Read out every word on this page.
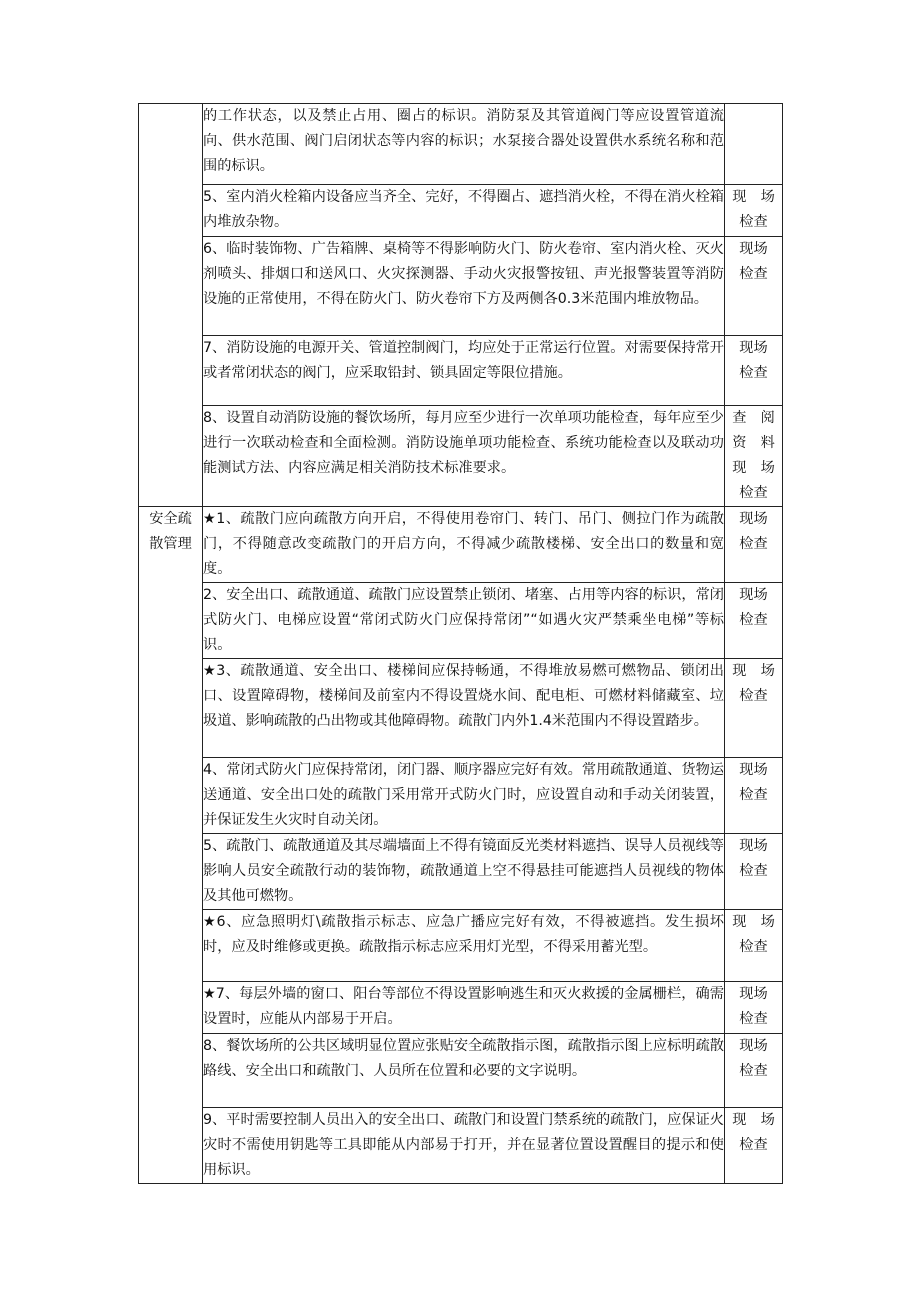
	的工作状态，以及禁止占用、圈占的标识。消防泵及其管道阀门等应设置管道流向、供水范围、阀门启闭状态等内容的标识；水泵接合器处设置供水系统名称和范围的标识。	
	5、室内消火栓箱内设备应当齐全、完好，不得圈占、遮挡消火栓，不得在消火栓箱内堆放杂物。	现　场
检查

	6、临时装饰物、广告箱牌、桌椅等不得影响防火门、防火卷帘、室内消火栓、灭火剂喷头、排烟口和送风口、火灾探测器、手动火灾报警按钮、声光报警装置等消防设施的正常使用，不得在防火门、防火卷帘下方及两侧各0.3米范围内堆放物品。	现场
检查

	7、消防设施的电源开关、管道控制阀门，均应处于正常运行位置。对需要保持常开或者常闭状态的阀门，应采取铅封、锁具固定等限位措施。	现场
检查

	8、设置自动消防设施的餐饮场所，每月应至少进行一次单项功能检查，每年应至少进行一次联动检查和全面检测。消防设施单项功能检查、系统功能检查以及联动功能测试方法、内容应满足相关消防技术标准要求。	查　阅
资　料
现　场
检查

安全疏
散管理	★1、疏散门应向疏散方向开启，不得使用卷帘门、转门、吊门、侧拉门作为疏散门，不得随意改变疏散门的开启方向，不得减少疏散楼梯、安全出口的数量和宽度。	现场
检查

	2、安全出口、疏散通道、疏散门应设置禁止锁闭、堵塞、占用等内容的标识，常闭式防火门、电梯应设置“常闭式防火门应保持常闭”“如遇火灾严禁乘坐电梯”等标识。	现场
检查

	★3、疏散通道、安全出口、楼梯间应保持畅通，不得堆放易燃可燃物品、锁闭出口、设置障碍物，楼梯间及前室内不得设置烧水间、配电柜、可燃材料储藏室、垃圾道、影响疏散的凸出物或其他障碍物。疏散门内外1.4米范围内不得设置踏步。	现　场
检查

	4、常闭式防火门应保持常闭，闭门器、顺序器应完好有效。常用疏散通道、货物运送通道、安全出口处的疏散门采用常开式防火门时，应设置自动和手动关闭装置，并保证发生火灾时自动关闭。	现场
检查

	5、疏散门、疏散通道及其尽端墙面上不得有镜面反光类材料遮挡、误导人员视线等影响人员安全疏散行动的装饰物，疏散通道上空不得悬挂可能遮挡人员视线的物体及其他可燃物。	现场
检查

	★6、应急照明灯\疏散指示标志、应急广播应完好有效，不得被遮挡。发生损坏时，应及时维修或更换。疏散指示标志应采用灯光型，不得采用蓄光型。	现　场
检查

	★7、每层外墙的窗口、阳台等部位不得设置影响逃生和灭火救援的金属栅栏，确需设置时，应能从内部易于开启。	现场
检查

	8、餐饮场所的公共区域明显位置应张贴安全疏散指示图，疏散指示图上应标明疏散路线、安全出口和疏散门、人员所在位置和必要的文字说明。	现场
检查

	9、平时需要控制人员出入的安全出口、疏散门和设置门禁系统的疏散门，应保证火灾时不需使用钥匙等工具即能从内部易于打开，并在显著位置设置醒目的提示和使用标识。	现　场
检查
